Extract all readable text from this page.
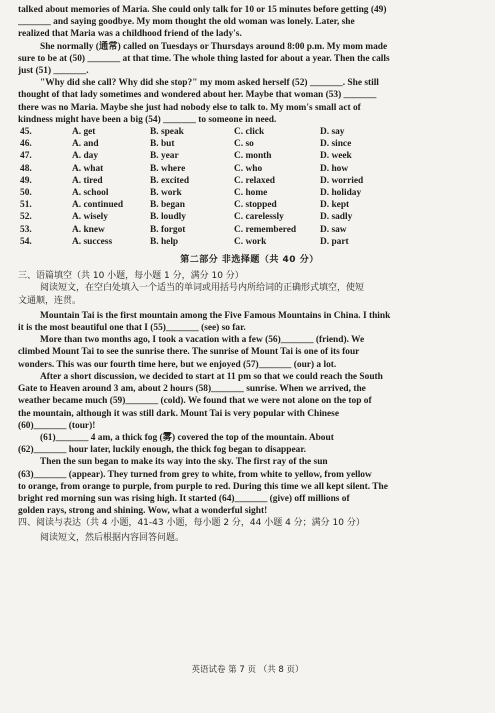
talked about memories of Maria. She could only talk for 10 or 15 minutes before getting (49)
_______ and saying goodbye. My mom thought the old woman was lonely. Later, she
realized that Maria was a childhood friend of the lady's.
She normally (通常) called on Tuesdays or Thursdays around 8:00 p.m. My mom made
sure to be at (50) _______ at that time. The whole thing lasted for about a year. Then the calls
just (51) _______.
"Why did she call? Why did she stop?" my mom asked herself (52) _______. She still
thought of that lady sometimes and wondered about her. Maybe that woman (53) _______
there was no Maria. Maybe she just had nobody else to talk to. My mom's small act of
kindness might have been a big (54) _______ to someone in need.
45.	A. get	B. speak	C. click	D. say
46.	A. and	B. but	C. so	D. since
47.	A. day	B. year	C. month	D. week
48.	A. what	B. where	C. who	D. how
49.	A. tired	B. excited	C. relaxed	D. worried
50.	A. school	B. work	C. home	D. holiday
51.	A. continued	B. began	C. stopped	D. kept
52.	A. wisely	B. loudly	C. carelessly	D. sadly
53.	A. knew	B. forgot	C. remembered	D. saw
54.	A. success	B. help	C. work	D. part
第二部分 非选择题（共 40 分）
三、语篇填空（共 10 小题，每小题 1 分，满分 10 分）
阅读短文，在空白处填入一个适当的单词或用括号内所给词的正确形式填空，使短
文通顺，连贯。
Mountain Tai is the first mountain among the Five Famous Mountains in China. I think
it is the most beautiful one that I (55)_______ (see) so far.
More than two months ago, I took a vacation with a few (56)_______ (friend). We
climbed Mount Tai to see the sunrise there. The sunrise of Mount Tai is one of its four
wonders. This was our fourth time here, but we enjoyed (57)_______ (our) a lot.
After a short discussion, we decided to start at 11 pm so that we could reach the South
Gate to Heaven around 3 am, about 2 hours (58)_______ sunrise. When we arrived, the
weather became much (59)_______ (cold). We found that we were not alone on the top of
the mountain, although it was still dark. Mount Tai is very popular with Chinese
(60)_______ (tour)!
(61)_______ 4 am, a thick fog (雾) covered the top of the mountain. About
(62)_______ hour later, luckily enough, the thick fog began to disappear.
Then the sun began to make its way into the sky. The first ray of the sun
(63)_______ (appear). They turned from grey to white, from white to yellow, from yellow
to orange, from orange to purple, from purple to red. During this time we all kept silent. The
bright red morning sun was rising high. It started (64)_______ (give) off millions of
golden rays, strong and shining. Wow, what a wonderful sight!
四、阅读与表达（共 4 小题，41-43 小题，每小题 2 分，44 小题 4 分；满分 10 分）
阅读短文，然后根据内容回答问题。
英语试卷 第 7 页 （共 8 页）
